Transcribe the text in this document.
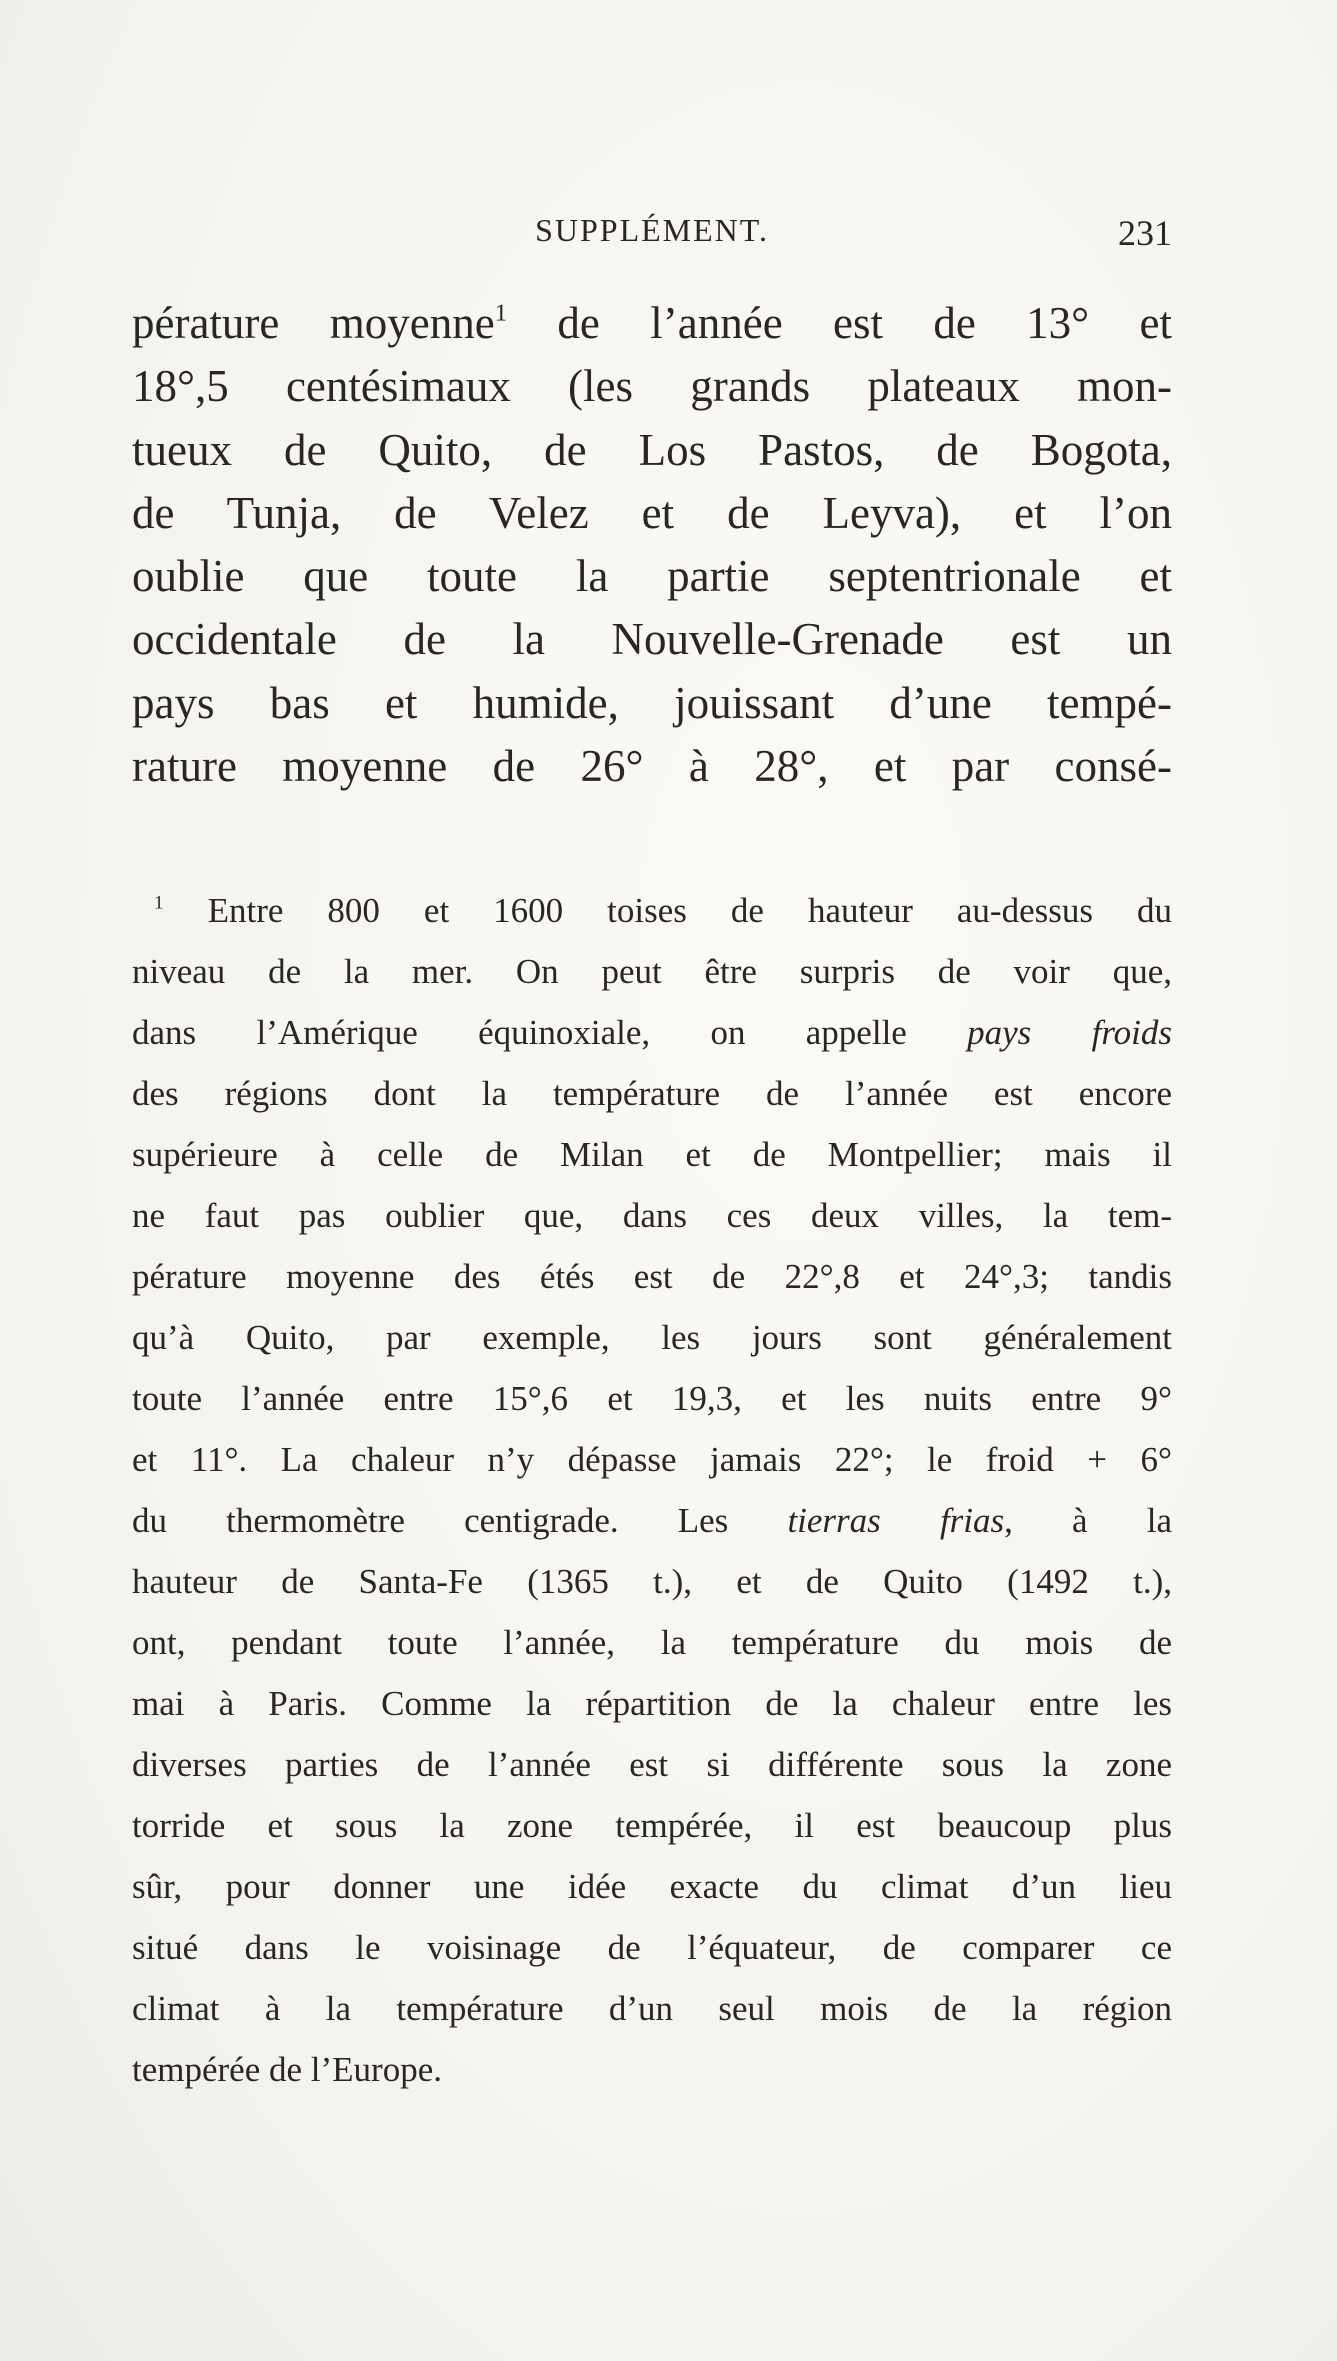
SUPPLÉMENT.	231
pérature moyenne$^1$ de l’année est de 13° et
18°,5 centésimaux (les grands plateaux mon-
tueux de Quito, de Los Pastos, de Bogota,
de Tunja, de Velez et de Leyva), et l’on
oublie que toute la partie septentrionale et
occidentale de la Nouvelle-Grenade est un
pays bas et humide, jouissant d’une tempé-
rature moyenne de 26° à 28°, et par consé-
$^1$ Entre 800 et 1600 toises de hauteur au-dessus du
niveau de la mer. On peut être surpris de voir que,
dans l’Amérique équinoxiale, on appelle pays froids
des régions dont la température de l’année est encore
supérieure à celle de Milan et de Montpellier; mais il
ne faut pas oublier que, dans ces deux villes, la tem-
pérature moyenne des étés est de 22°,8 et 24°,3; tandis
qu’à Quito, par exemple, les jours sont généralement
toute l’année entre 15°,6 et 19,3, et les nuits entre 9°
et 11°. La chaleur n’y dépasse jamais 22°; le froid + 6°
du thermomètre centigrade. Les tierras frias, à la
hauteur de Santa-Fe (1365 t.), et de Quito (1492 t.),
ont, pendant toute l’année, la température du mois de
mai à Paris. Comme la répartition de la chaleur entre les
diverses parties de l’année est si différente sous la zone
torride et sous la zone tempérée, il est beaucoup plus
sûr, pour donner une idée exacte du climat d’un lieu
situé dans le voisinage de l’équateur, de comparer ce
climat à la température d’un seul mois de la région
tempérée de l’Europe.
